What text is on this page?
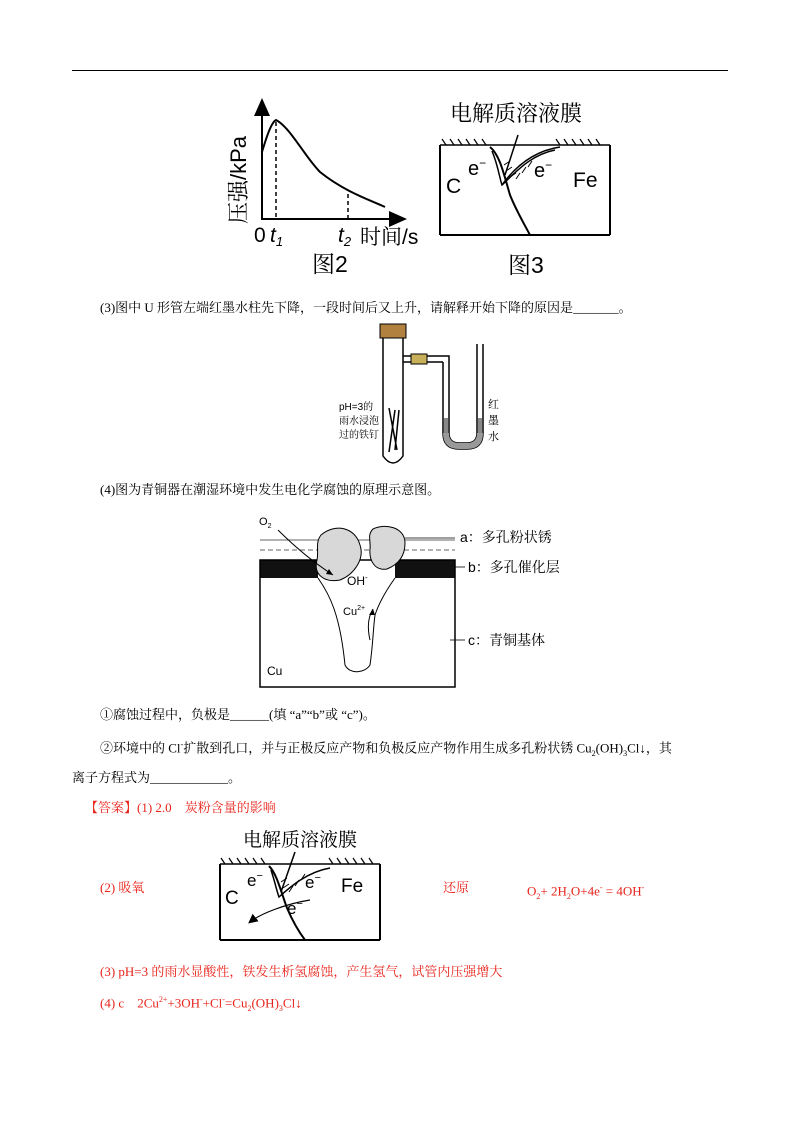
压强/kPa
0 t1	t2 时间/s
图2
电解质溶液膜
C
e− e−
Fe
图3
(3)图中 U 形管左端红墨水柱先下降，一段时间后又上升，请解释开始下降的原因是_______。
pH=3的 雨水浸泡 过的铁钉
红 墨 水
(4)图为青铜器在潮湿环境中发生电化学腐蚀的原理示意图。
$O_2$
OH-
$Cu^{2+}$
Cu
a：多孔粉状锈
b：多孔催化层
c：青铜基体
①腐蚀过程中，负极是______(填 “a”“b”或 “c”)。
②环境中的 Cl-扩散到孔口，并与正极反应产物和负极反应产物作用生成多孔粉状锈 $Cu_2(OH)_3Cl↓$，其
离子方程式为____________。
【答案】(1) 2.0 炭粉含量的影响
电解质溶液膜
C
e− e−
e−
Fe
(2) 吸氧	还原	$O_2+ 2H_2O+4e^- = 4OH^-$
(3) pH=3 的雨水显酸性，铁发生析氢腐蚀，产生氢气，试管内压强增大
(4) c $2Cu^{2+}+3OH^-+Cl^-=Cu_2(OH)_3Cl↓$
